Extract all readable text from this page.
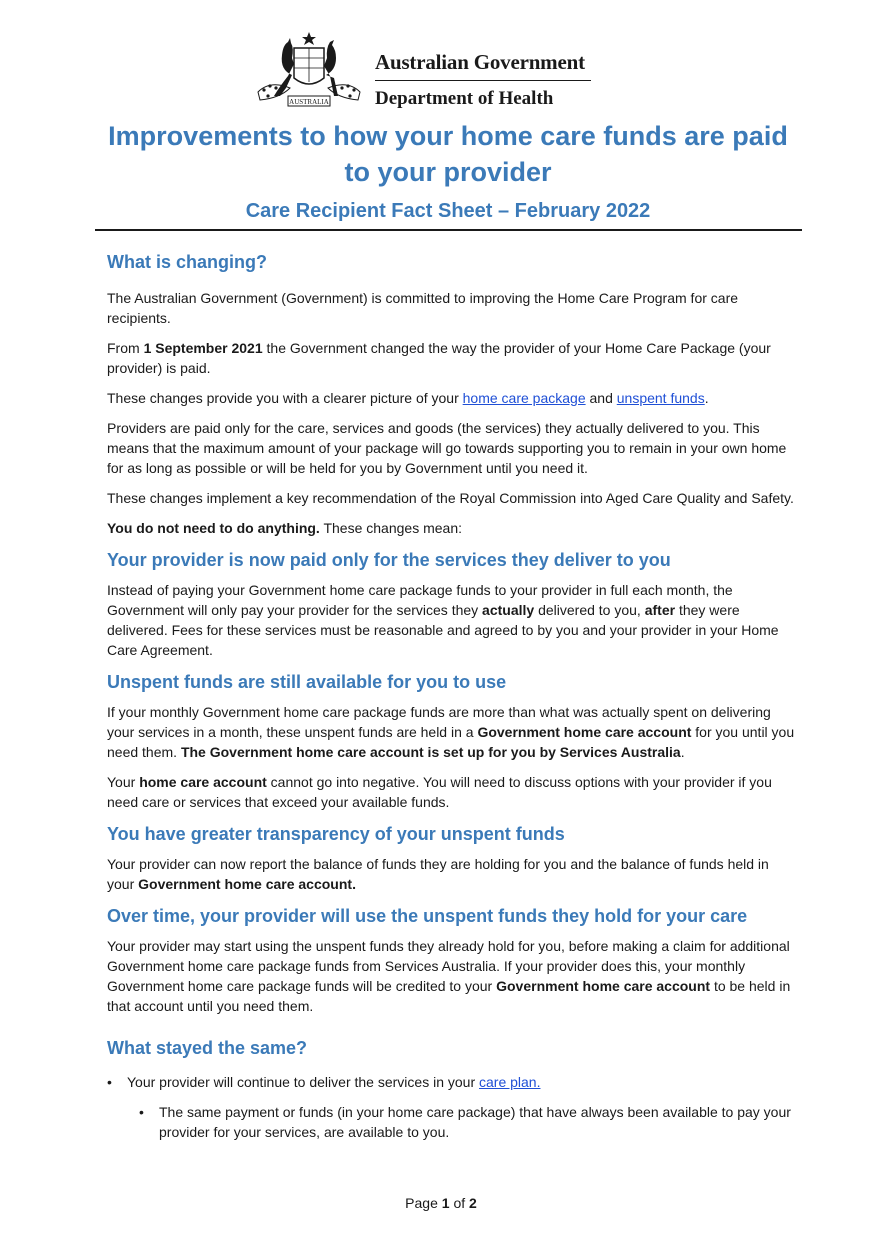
AUSTRALIA
Australian Government
Department of Health
Improvements to how your home care funds are paid
to your provider
Care Recipient Fact Sheet – February 2022
What is changing?

The Australian Government (Government) is committed to improving the Home Care Program for care recipients.

From 1 September 2021 the Government changed the way the provider of your Home Care Package (your provider) is paid.

These changes provide you with a clearer picture of your home care package and unspent funds.

Providers are paid only for the care, services and goods (the services) they actually delivered to you. This means that the maximum amount of your package will go towards supporting you to remain in your own home for as long as possible or will be held for you by Government until you need it.

These changes implement a key recommendation of the Royal Commission into Aged Care Quality and Safety.

You do not need to do anything. These changes mean:

Your provider is now paid only for the services they deliver to you

Instead of paying your Government home care package funds to your provider in full each month, the Government will only pay your provider for the services they actually delivered to you, after they were delivered. Fees for these services must be reasonable and agreed to by you and your provider in your Home Care Agreement.

Unspent funds are still available for you to use

If your monthly Government home care package funds are more than what was actually spent on delivering your services in a month, these unspent funds are held in a Government home care account for you until you need them. The Government home care account is set up for you by Services Australia.

Your home care account cannot go into negative. You will need to discuss options with your provider if you need care or services that exceed your available funds.

You have greater transparency of your unspent funds

Your provider can now report the balance of funds they are holding for you and the balance of funds held in your Government home care account.

Over time, your provider will use the unspent funds they hold for your care

Your provider may start using the unspent funds they already hold for you, before making a claim for additional Government home care package funds from Services Australia. If your provider does this, your monthly Government home care package funds will be credited to your Government home care account to be held in that account until you need them.

What stayed the same?
• Your provider will continue to deliver the services in your care plan.
• The same payment or funds (in your home care package) that have always been available to pay your provider for your services, are available to you.
Page 1 of 2
